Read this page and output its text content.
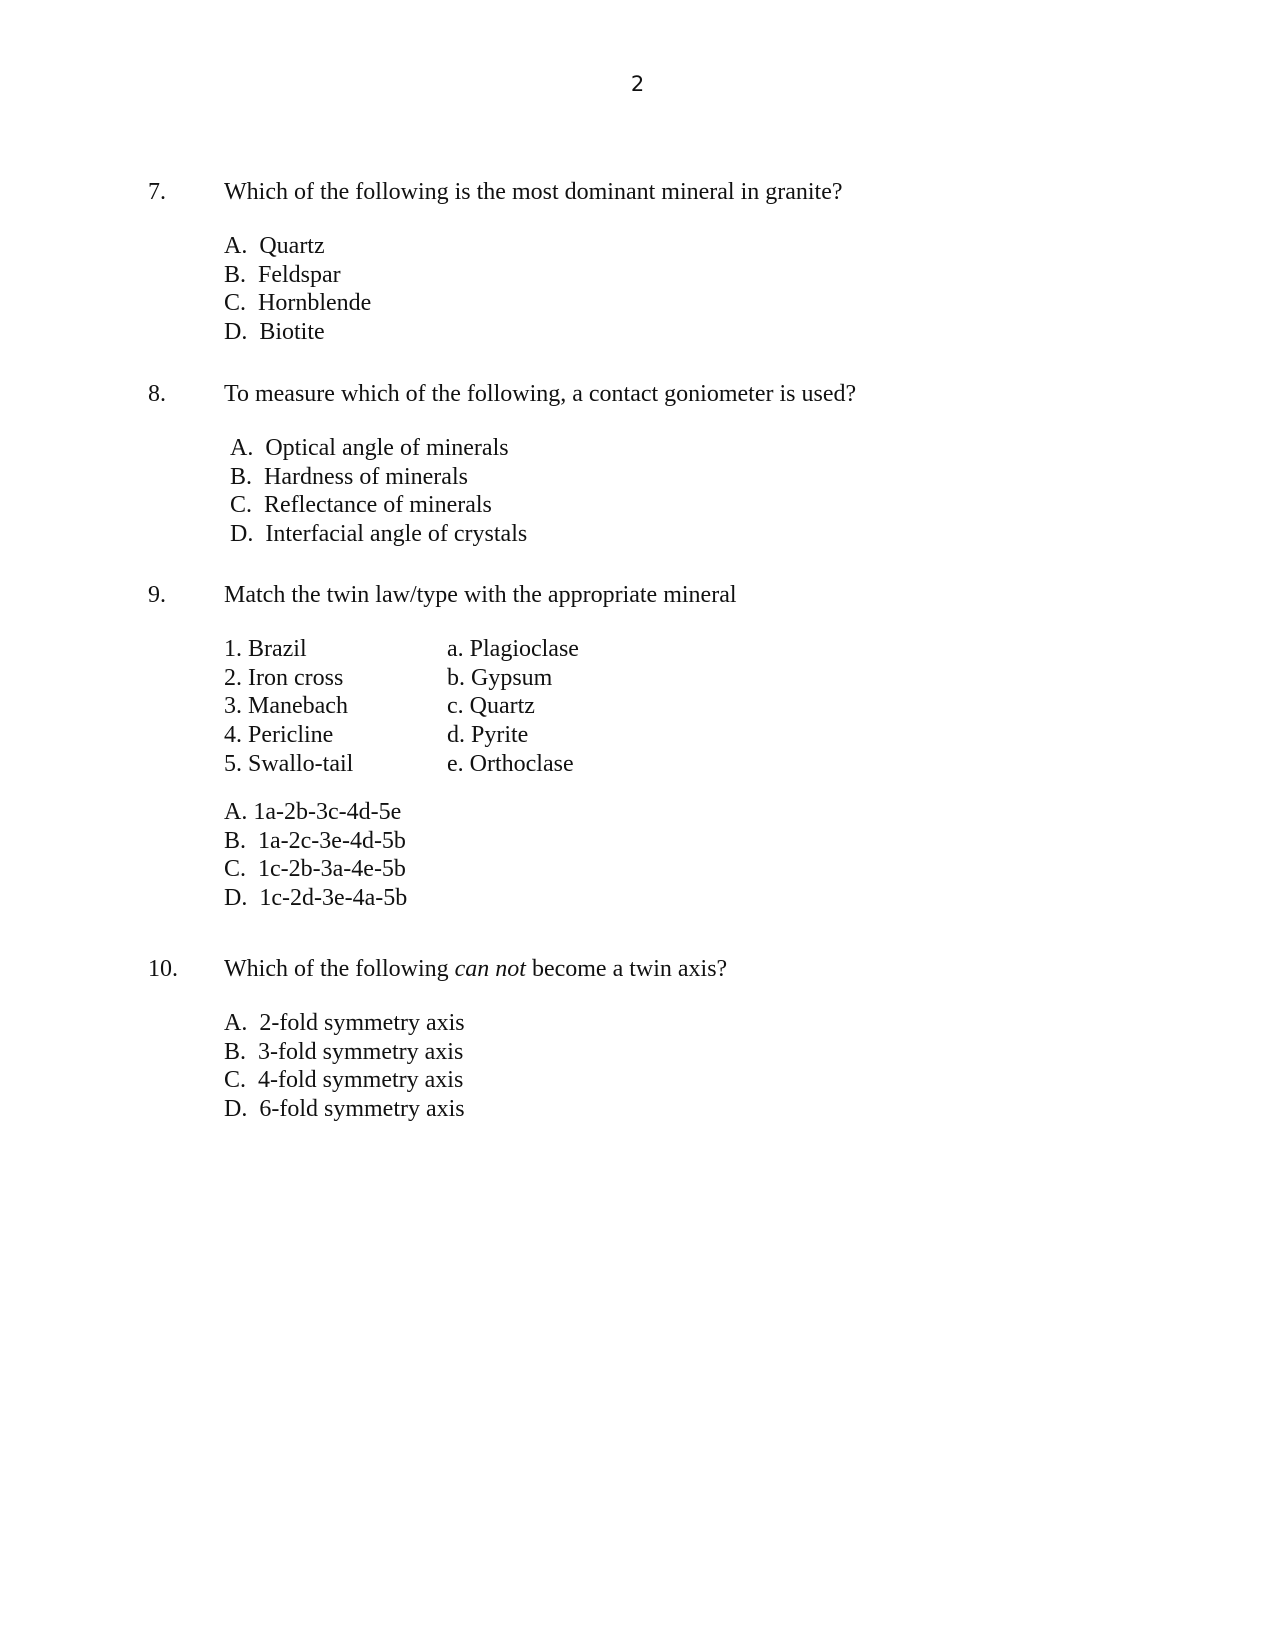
2
7. Which of the following is the most dominant mineral in granite?
A.  Quartz
B.  Feldspar
C.  Hornblende
D.  Biotite
8. To measure which of the following, a contact goniometer is used?
A.  Optical angle of minerals
B.  Hardness of minerals
C.  Reflectance of minerals
D.  Interfacial angle of crystals
9. Match the twin law/type with the appropriate mineral
1. Brazil
2. Iron cross
3. Manebach
4. Pericline
5. Swallo-tail
a. Plagioclase
b. Gypsum
c. Quartz
d. Pyrite
e. Orthoclase
A. 1a-2b-3c-4d-5e
B.  1a-2c-3e-4d-5b
C.  1c-2b-3a-4e-5b
D.  1c-2d-3e-4a-5b
10. Which of the following can not become a twin axis?
A.  2-fold symmetry axis
B.  3-fold symmetry axis
C.  4-fold symmetry axis
D.  6-fold symmetry axis
